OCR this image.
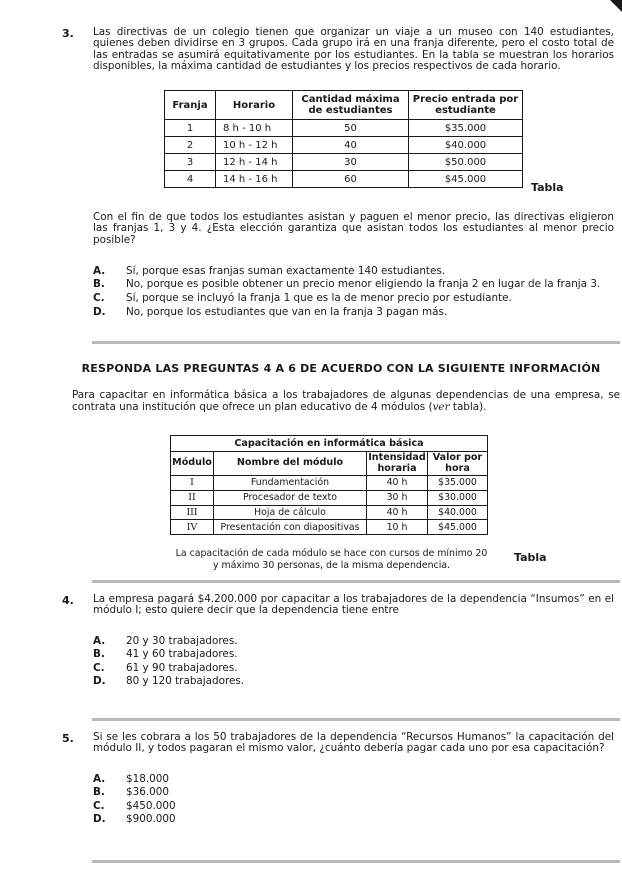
3. Las directivas de un colegio tienen que organizar un viaje a un museo con 140 estudiantes, quienes deben dividirse en 3 grupos. Cada grupo irá en una franja diferente, pero el costo total de las entradas se asumirá equitativamente por los estudiantes. En la tabla se muestran los horarios disponibles, la máxima cantidad de estudiantes y los precios respectivos de cada horario.
Franja	Horario	Cantidad máxima de estudiantes	Precio entrada por estudiante
1	8 h - 10 h	50	$35.000
2	10 h - 12 h	40	$40.000
3	12 h - 14 h	30	$50.000
4	14 h - 16 h	60	$45.000
Tabla
Con el fin de que todos los estudiantes asistan y paguen el menor precio, las directivas eligieron las franjas 1, 3 y 4. ¿Esta elección garantiza que asistan todos los estudiantes al menor precio posible?
A. Sí, porque esas franjas suman exactamente 140 estudiantes.
B. No, porque es posible obtener un precio menor eligiendo la franja 2 en lugar de la franja 3.
C. Sí, porque se incluyó la franja 1 que es la de menor precio por estudiante.
D. No, porque los estudiantes que van en la franja 3 pagan más.
RESPONDA LAS PREGUNTAS 4 A 6 DE ACUERDO CON LA SIGUIENTE INFORMACIÓN
Para capacitar en informática básica a los trabajadores de algunas dependencias de una empresa, se contrata una institución que ofrece un plan educativo de 4 módulos (ver tabla).
Capacitación en informática básica			
Módulo	Nombre del módulo	Intensidad horaria	Valor por hora
I	Fundamentación	40 h	$35.000
II	Procesador de texto	30 h	$30.000
III	Hoja de cálculo	40 h	$40.000
IV	Presentación con diapositivas	10 h	$45.000
La capacitación de cada módulo se hace con cursos de mínimo 20
y máximo 30 personas, de la misma dependencia.
Tabla
4. La empresa pagará $4.200.000 por capacitar a los trabajadores de la dependencia “Insumos” en el módulo I; esto quiere decir que la dependencia tiene entre
A. 20 y 30 trabajadores.
B. 41 y 60 trabajadores.
C. 61 y 90 trabajadores.
D. 80 y 120 trabajadores.
5. Si se les cobrara a los 50 trabajadores de la dependencia “Recursos Humanos” la capacitación del módulo II, y todos pagaran el mismo valor, ¿cuánto debería pagar cada uno por esa capacitación?
A. $18.000
B. $36.000
C. $450.000
D. $900.000
